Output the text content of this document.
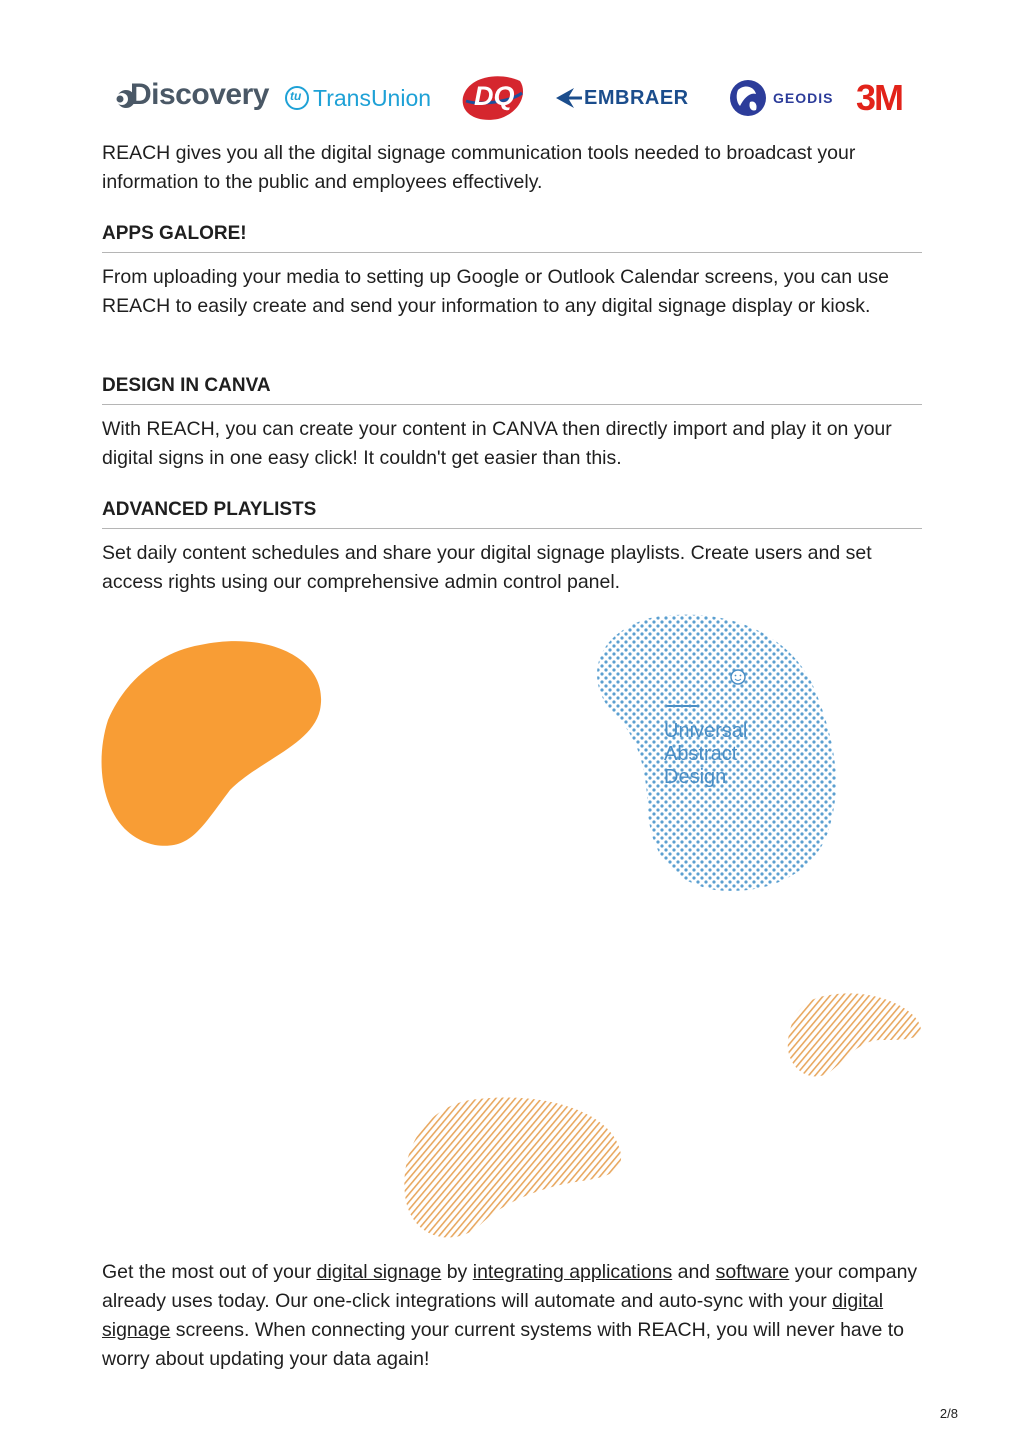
Discovery tu TransUnion DQ	EMBRAER	GEODIS 3M

REACH gives you all the digital signage communication tools needed to broadcast your information to the public and employees effectively.

APPS GALORE!

From uploading your media to setting up Google or Outlook Calendar screens, you can use REACH to easily create and send your information to any digital signage display or kiosk.

DESIGN IN CANVA

With REACH, you can create your content in CANVA then directly import and play it on your digital signs in one easy click! It couldn't get easier than this.

ADVANCED PLAYLISTS

Set daily content schedules and share your digital signage playlists. Create users and set access rights using our comprehensive admin control panel.

Universal
Abstract
Design

Get the most out of your digital signage by integrating applications and software your company already uses today. Our one-click integrations will automate and auto-sync with your digital signage screens. When connecting your current systems with REACH, you will never have to worry about updating your data again!

2/8
